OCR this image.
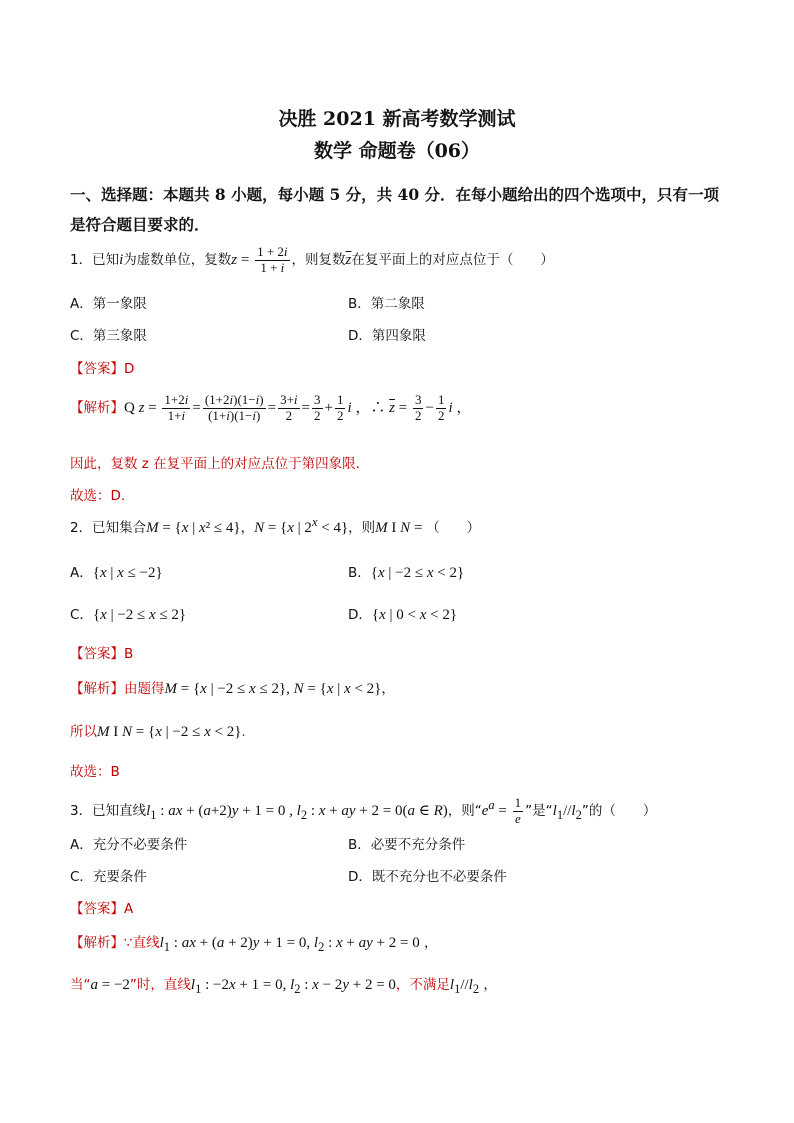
决胜 2021 新高考数学测试
数学 命题卷（06）
一、选择题：本题共 8 小题，每小题 5 分，共 40 分．在每小题给出的四个选项中，只有一项
是符合题目要求的．
1．已知i为虚数单位，复数$z = \frac{1 + 2i}{1 + i}$ ，则复数$\overline{z}$在复平面上的对应点位于（　　）
A．第一象限	B．第二象限
C．第三象限	D．第四象限
【答案】D
【解析】Q $z = \frac{1+2i}{1+i} = \frac{(1+2i)(1-i)}{(1+i)(1-i)} = \frac{3+i}{2} = \frac{3}{2} + \frac{1}{2}$ i ，∴ $\overline{z} = \frac{3}{2} - \frac{1}{2}$ i ，
因此，复数 z 在复平面上的对应点位于第四象限.
故选：D.
2．已知集合M = {x | x² ≤ 4}，N = {x | $2^x < 4$}，则M I N = （　　）
A．{x | x ≤ −2}	B．{x | −2 ≤ x < 2}
C．{x | −2 ≤ x ≤ 2}	D．{x | 0 < x < 2}
【答案】B
【解析】由题得M = {x | −2 ≤ x ≤ 2}, N = {x | x < 2}，
所以M I N = {x | −2 ≤ x < 2}.
故选：B
3．已知直线$l_1$ : ax + (a+2)y + 1 = 0 , $l_2$ : x + ay + 2 = 0(a ∈ R)，则“$e^a = \frac{1}{e}$ ”是“$l_1//l_2$”的（　　）
A．充分不必要条件	B．必要不充分条件
C．充要条件	D．既不充分也不必要条件
【答案】A
【解析】∵直线$l_1$ : ax + (a + 2)y + 1 = 0, $l_2$ : x + ay + 2 = 0 ，
当“a = −2”时，直线$l_1$ : −2x + 1 = 0, $l_2$ : x − 2y + 2 = 0，不满足$l_1//l_2$ ，
